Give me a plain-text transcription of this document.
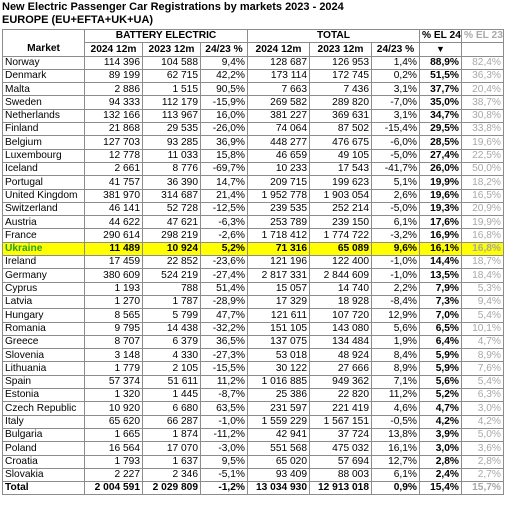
New Electric Passenger Car Registrations by markets 2023 - 2024
EUROPE (EU+EFTA+UK+UA)
	BATTERY ELECTRIC			TOTAL			% EL 24	% EL 23
Market	2024 12m	2023 12m	24/23 %	2024 12m	2023 12m	24/23 %	▼	
Norway	114 396	104 588	9,4%	128 687	126 953	1,4%	88,9%	82,4%
Denmark	89 199	62 715	42,2%	173 114	172 745	0,2%	51,5%	36,3%
Malta	2 886	1 515	90,5%	7 663	7 436	3,1%	37,7%	20,4%
Sweden	94 333	112 179	-15,9%	269 582	289 820	-7,0%	35,0%	38,7%
Netherlands	132 166	113 967	16,0%	381 227	369 631	3,1%	34,7%	30,8%
Finland	21 868	29 535	-26,0%	74 064	87 502	-15,4%	29,5%	33,8%
Belgium	127 703	93 285	36,9%	448 277	476 675	-6,0%	28,5%	19,6%
Luxembourg	12 778	11 033	15,8%	46 659	49 105	-5,0%	27,4%	22,5%
Iceland	2 661	8 776	-69,7%	10 233	17 543	-41,7%	26,0%	50,0%
Portugal	41 757	36 390	14,7%	209 715	199 623	5,1%	19,9%	18,2%
United Kingdom	381 970	314 687	21,4%	1 952 778	1 903 054	2,6%	19,6%	16,5%
Switzerland	46 141	52 728	-12,5%	239 535	252 214	-5,0%	19,3%	20,9%
Austria	44 622	47 621	-6,3%	253 789	239 150	6,1%	17,6%	19,9%
France	290 614	298 219	-2,6%	1 718 412	1 774 722	-3,2%	16,9%	16,8%
Ukraine	11 489	10 924	5,2%	71 316	65 089	9,6%	16,1%	16,8%
Ireland	17 459	22 852	-23,6%	121 196	122 400	-1,0%	14,4%	18,7%
Germany	380 609	524 219	-27,4%	2 817 331	2 844 609	-1,0%	13,5%	18,4%
Cyprus	1 193	788	51,4%	15 057	14 740	2,2%	7,9%	5,3%
Latvia	1 270	1 787	-28,9%	17 329	18 928	-8,4%	7,3%	9,4%
Hungary	8 565	5 799	47,7%	121 611	107 720	12,9%	7,0%	5,4%
Romania	9 795	14 438	-32,2%	151 105	143 080	5,6%	6,5%	10,1%
Greece	8 707	6 379	36,5%	137 075	134 484	1,9%	6,4%	4,7%
Slovenia	3 148	4 330	-27,3%	53 018	48 924	8,4%	5,9%	8,9%
Lithuania	1 779	2 105	-15,5%	30 122	27 666	8,9%	5,9%	7,6%
Spain	57 374	51 611	11,2%	1 016 885	949 362	7,1%	5,6%	5,4%
Estonia	1 320	1 445	-8,7%	25 386	22 820	11,2%	5,2%	6,3%
Czech Republic	10 920	6 680	63,5%	231 597	221 419	4,6%	4,7%	3,0%
Italy	65 620	66 287	-1,0%	1 559 229	1 567 151	-0,5%	4,2%	4,2%
Bulgaria	1 665	1 874	-11,2%	42 941	37 724	13,8%	3,9%	5,0%
Poland	16 564	17 070	-3,0%	551 568	475 032	16,1%	3,0%	3,6%
Croatia	1 793	1 637	9,5%	65 020	57 694	12,7%	2,8%	2,8%
Slovakia	2 227	2 346	-5,1%	93 409	88 003	6,1%	2,4%	2,7%
Total	2 004 591	2 029 809	-1,2%	13 034 930	12 913 018	0,9%	15,4%	15,7%
